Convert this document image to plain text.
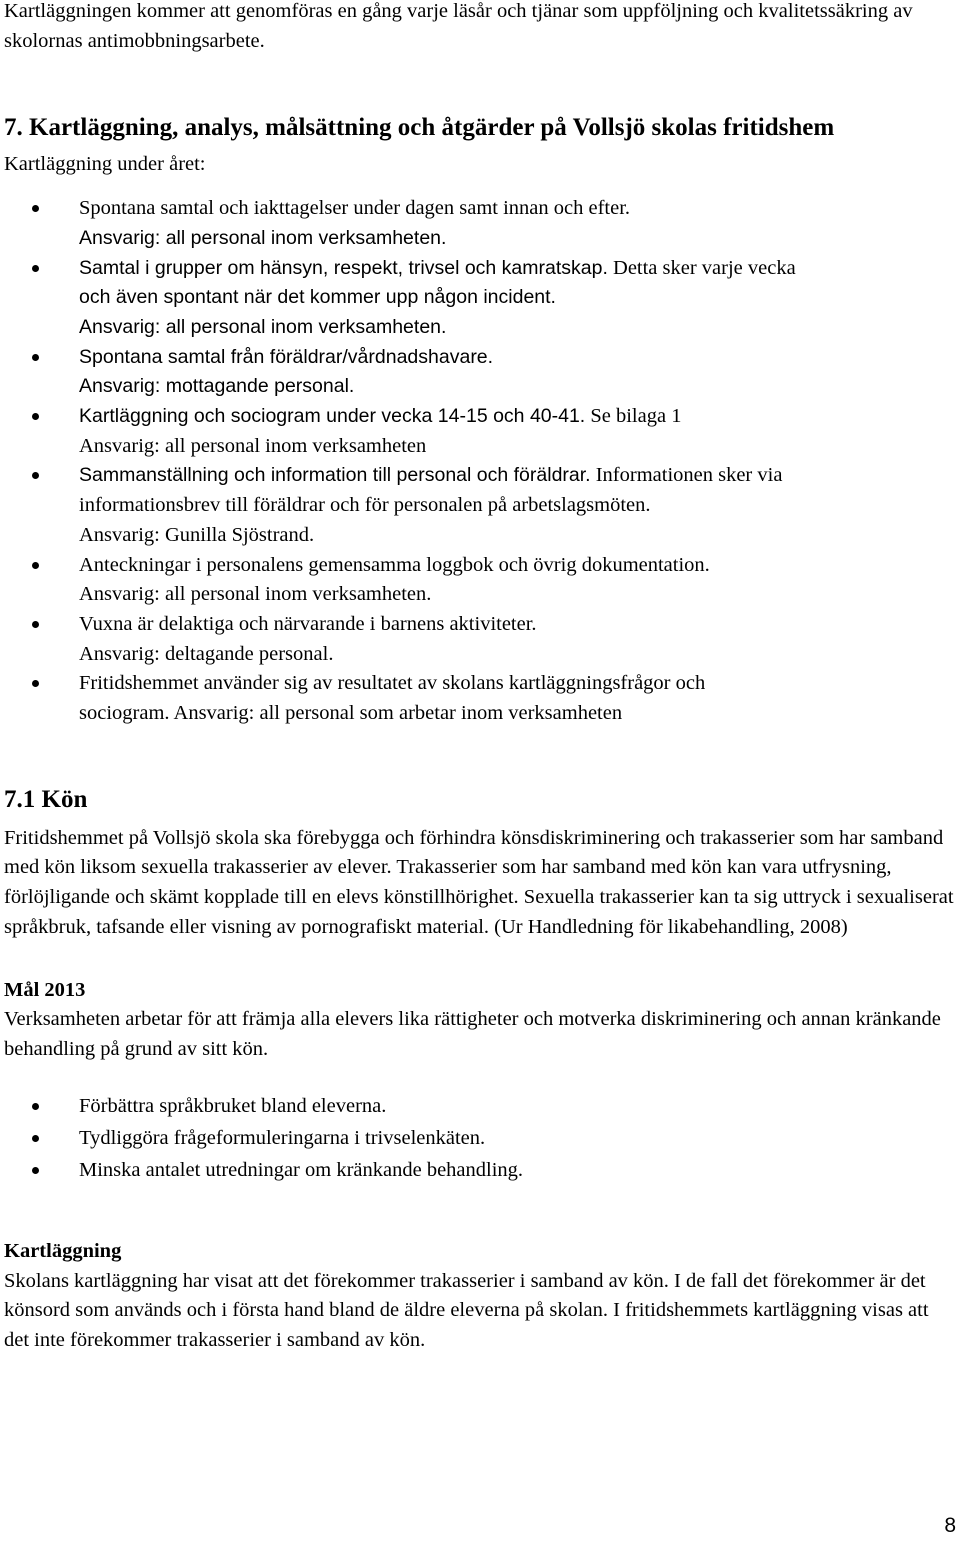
Kartläggningen kommer att genomföras en gång varje läsår och tjänar som uppföljning och kvalitetssäkring av skolornas antimobbningsarbete.

7. Kartläggning, analys, målsättning och åtgärder på Vollsjö skolas fritidshem

Kartläggning under året:

Spontana samtal och iakttagelser under dagen samt innan och efter.
Ansvarig: all personal inom verksamheten.
Samtal i grupper om hänsyn, respekt, trivsel och kamratskap. Detta sker varje vecka
och även spontant när det kommer upp någon incident.
Ansvarig: all personal inom verksamheten.
Spontana samtal från föräldrar/vårdnadshavare.
Ansvarig: mottagande personal.
Kartläggning och sociogram under vecka 14-15 och 40-41. Se bilaga 1
Ansvarig: all personal inom verksamheten
Sammanställning och information till personal och föräldrar. Informationen sker via
informationsbrev till föräldrar och för personalen på arbetslagsmöten.
Ansvarig: Gunilla Sjöstrand.
Anteckningar i personalens gemensamma loggbok och övrig dokumentation.
Ansvarig: all personal inom verksamheten.
Vuxna är delaktiga och närvarande i barnens aktiviteter.
Ansvarig: deltagande personal.
Fritidshemmet använder sig av resultatet av skolans kartläggningsfrågor och
sociogram. Ansvarig: all personal som arbetar inom verksamheten
7.1 Kön

Fritidshemmet på Vollsjö skola ska förebygga och förhindra könsdiskriminering och trakasserier som har samband med kön liksom sexuella trakasserier av elever. Trakasserier som har samband med kön kan vara utfrysning, förlöjligande och skämt kopplade till en elevs könstillhörighet. Sexuella trakasserier kan ta sig uttryck i sexualiserat språkbruk, tafsande eller visning av pornografiskt material. (Ur Handledning för likabehandling, 2008)

Mål 2013

Verksamheten arbetar för att främja alla elevers lika rättigheter och motverka diskriminering och annan kränkande behandling på grund av sitt kön.

Förbättra språkbruket bland eleverna.
Tydliggöra frågeformuleringarna i trivselenkäten.
Minska antalet utredningar om kränkande behandling.

Kartläggning

Skolans kartläggning har visat att det förekommer trakasserier i samband av kön. I de fall det förekommer är det könsord som används och i första hand bland de äldre eleverna på skolan. I fritidshemmets kartläggning visas att det inte förekommer trakasserier i samband av kön.

8
